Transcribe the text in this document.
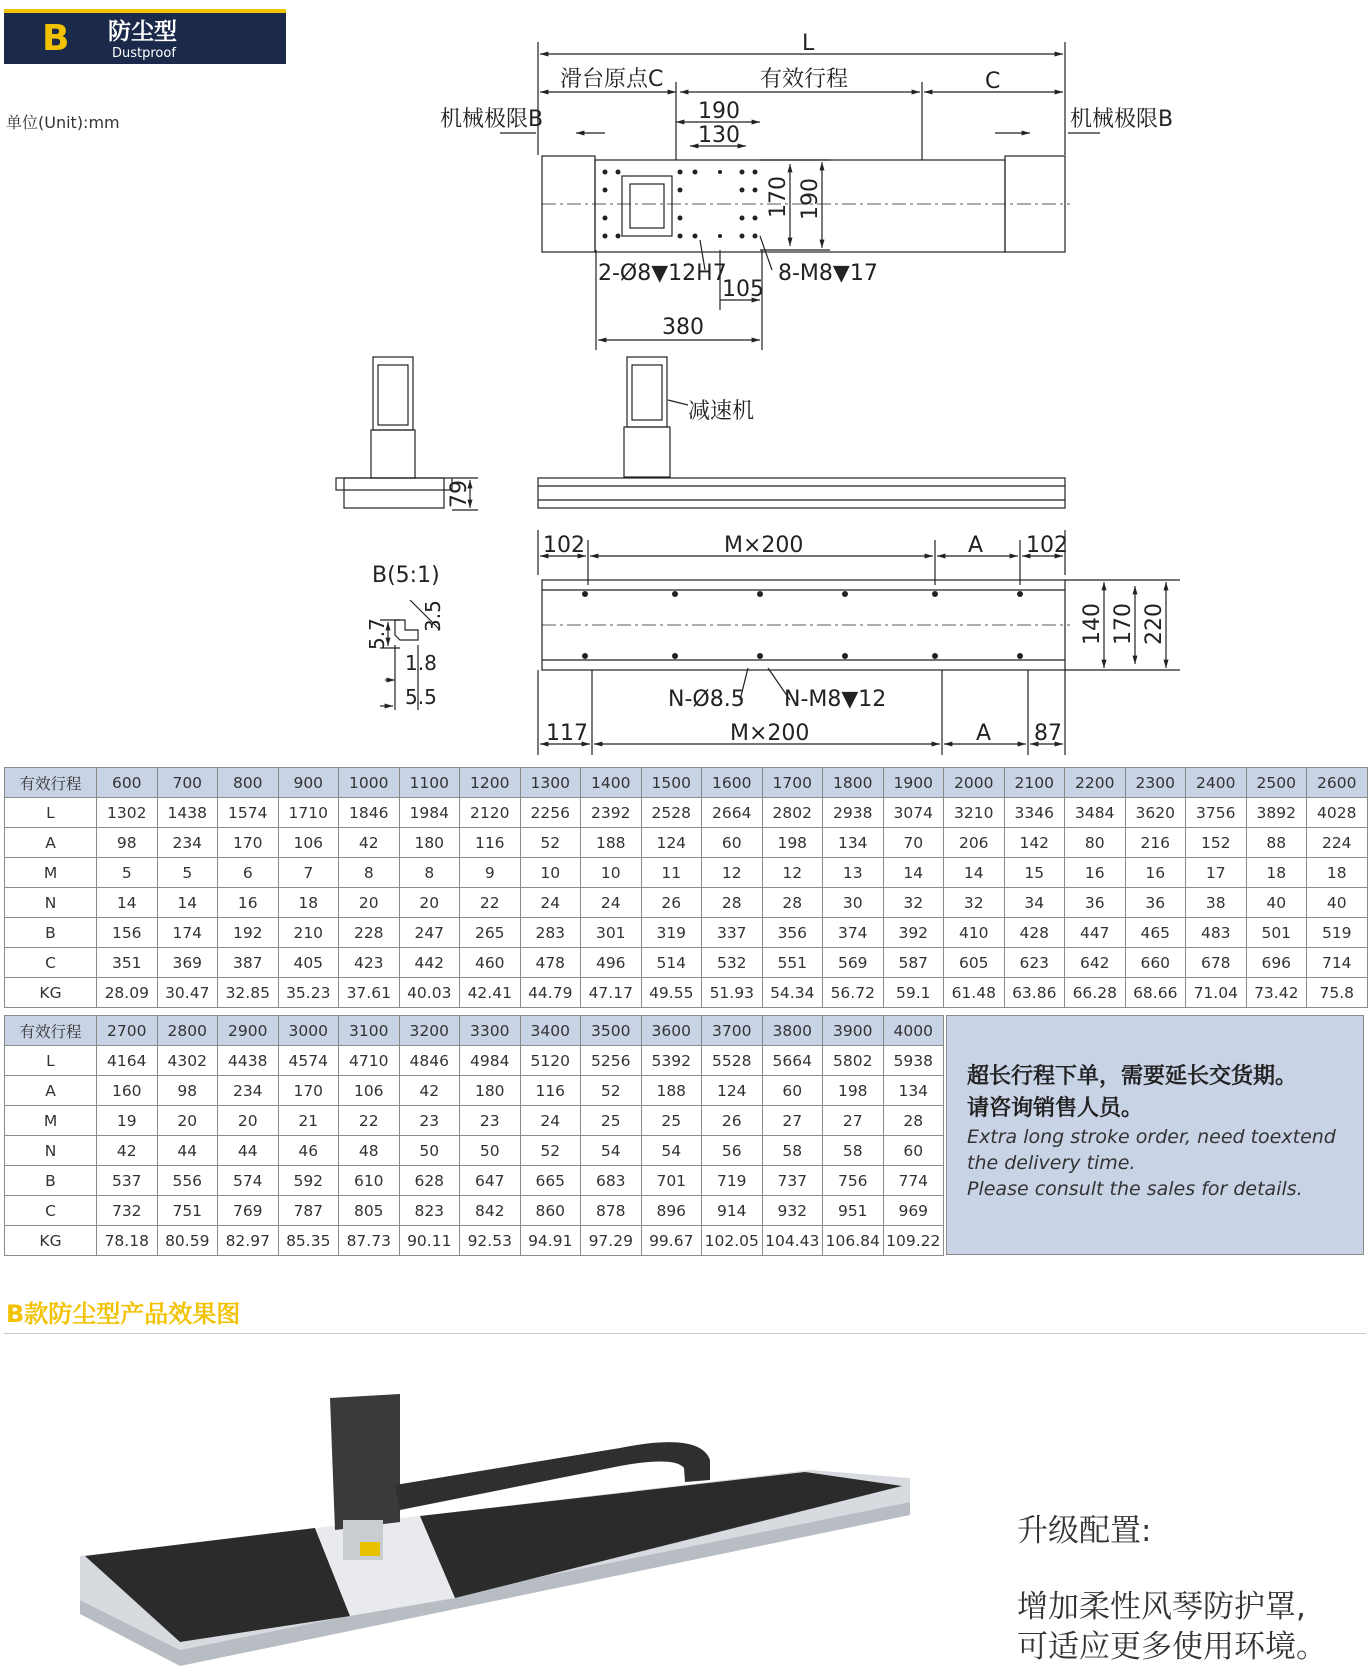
B 防尘型
Dustproof
单位(Unit):mm
L
滑台原点C	有效行程	C
机械极限B	机械极限B
190
130
170 190
2-Ø8▼12H7 8-M8▼17
105
380
减速机
79
B(5:1)
5.7
3.5
1.8
5.5
102	M×200	A 102
140 170 220
N-Ø8.5 N-M8▼12
117	M×200	A 87
有效行程	600	700	800	900	1000	1100	1200	1300	1400	1500	1600	1700	1800	1900	2000	2100	2200	2300	2400	2500	2600
L	1302	1438	1574	1710	1846	1984	2120	2256	2392	2528	2664	2802	2938	3074	3210	3346	3484	3620	3756	3892	4028
A	98	234	170	106	42	180	116	52	188	124	60	198	134	70	206	142	80	216	152	88	224
M	5	5	6	7	8	8	9	10	10	11	12	12	13	14	14	15	16	16	17	18	18
N	14	14	16	18	20	20	22	24	24	26	28	28	30	32	32	34	36	36	38	40	40
B	156	174	192	210	228	247	265	283	301	319	337	356	374	392	410	428	447	465	483	501	519
C	351	369	387	405	423	442	460	478	496	514	532	551	569	587	605	623	642	660	678	696	714
KG	28.09	30.47	32.85	35.23	37.61	40.03	42.41	44.79	47.17	49.55	51.93	54.34	56.72	59.1	61.48	63.86	66.28	68.66	71.04	73.42	75.8
有效行程	2700	2800	2900	3000	3100	3200	3300	3400	3500	3600	3700	3800	3900	4000
L	4164	4302	4438	4574	4710	4846	4984	5120	5256	5392	5528	5664	5802	5938
A	160	98	234	170	106	42	180	116	52	188	124	60	198	134
M	19	20	20	21	22	23	23	24	25	25	26	27	27	28
N	42	44	44	46	48	50	50	52	54	54	56	58	58	60
B	537	556	574	592	610	628	647	665	683	701	719	737	756	774
C	732	751	769	787	805	823	842	860	878	896	914	932	951	969
KG	78.18	80.59	82.97	85.35	87.73	90.11	92.53	94.91	97.29	99.67	102.05	104.43	106.84	109.22
超长行程下单，需要延长交货期。
请咨询销售人员。
Extra long stroke order, need toextend
the delivery time.
Please consult the sales for details.
B款防尘型产品效果图
升级配置:
增加柔性风琴防护罩,
可适应更多使用环境。
